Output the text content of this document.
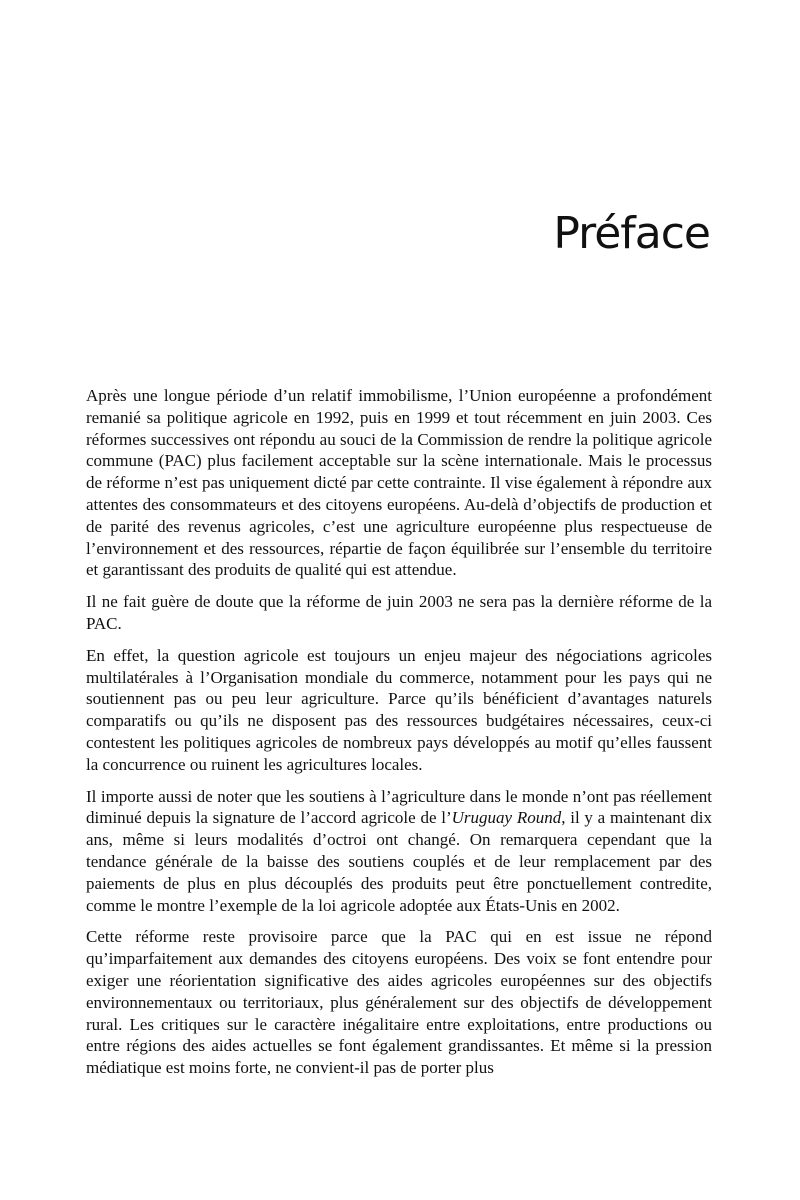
Préface

Après une longue période d’un relatif immobilisme, l’Union européenne a profondément remanié sa politique agricole en 1992, puis en 1999 et tout récemment en juin 2003. Ces réformes successives ont répondu au souci de la Commission de rendre la politique agricole commune (PAC) plus facilement acceptable sur la scène internationale. Mais le processus de réforme n’est pas uniquement dicté par cette contrainte. Il vise également à répondre aux attentes des consommateurs et des citoyens européens. Au-delà d’objectifs de production et de parité des revenus agricoles, c’est une agriculture européenne plus respectueuse de l’environnement et des ressources, répartie de façon équilibrée sur l’ensemble du territoire et garantissant des produits de qualité qui est attendue.

Il ne fait guère de doute que la réforme de juin 2003 ne sera pas la dernière réforme de la PAC.

En effet, la question agricole est toujours un enjeu majeur des négociations agricoles multilatérales à l’Organisation mondiale du commerce, notamment pour les pays qui ne soutiennent pas ou peu leur agriculture. Parce qu’ils bénéficient d’avantages naturels comparatifs ou qu’ils ne disposent pas des ressources budgétaires nécessaires, ceux-ci contestent les politiques agricoles de nombreux pays développés au motif qu’elles faussent la concurrence ou ruinent les agricultures locales.

Il importe aussi de noter que les soutiens à l’agriculture dans le monde n’ont pas réellement diminué depuis la signature de l’accord agricole de l’Uruguay Round, il y a maintenant dix ans, même si leurs modalités d’octroi ont changé. On remarquera cependant que la tendance générale de la baisse des soutiens couplés et de leur remplacement par des paiements de plus en plus découplés des produits peut être ponctuellement contredite, comme le montre l’exemple de la loi agricole adoptée aux États-Unis en 2002.

Cette réforme reste provisoire parce que la PAC qui en est issue ne répond qu’imparfaitement aux demandes des citoyens européens. Des voix se font entendre pour exiger une réorientation significative des aides agricoles européennes sur des objectifs environnementaux ou territoriaux, plus généralement sur des objectifs de développement rural. Les critiques sur le caractère inégalitaire entre exploitations, entre productions ou entre régions des aides actuelles se font également grandissantes. Et même si la pression médiatique est moins forte, ne convient-il pas de porter plus
